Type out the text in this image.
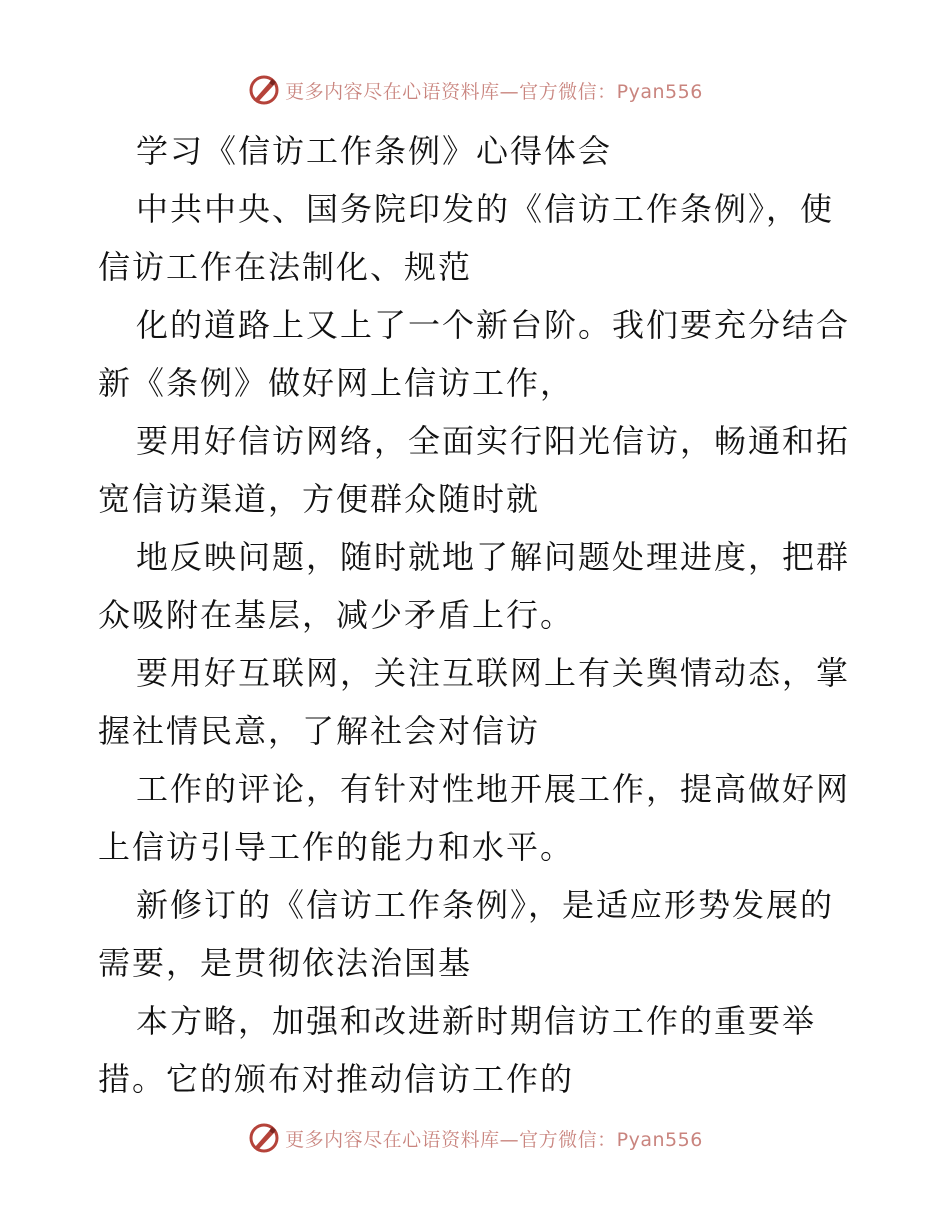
更多内容尽在心语资料库—官方微信：Pyan556

学习《信访工作条例》心得体会

中共中央、国务院印发的《信访工作条例》，使信访工作在法制化、规范

化的道路上又上了一个新台阶。我们要充分结合新《条例》做好网上信访工作，

要用好信访网络，全面实行阳光信访，畅通和拓宽信访渠道，方便群众随时就

地反映问题，随时就地了解问题处理进度，把群众吸附在基层，减少矛盾上行。

要用好互联网，关注互联网上有关舆情动态，掌握社情民意，了解社会对信访

工作的评论，有针对性地开展工作，提高做好网上信访引导工作的能力和水平。

新修订的《信访工作条例》，是适应形势发展的需要，是贯彻依法治国基

本方略，加强和改进新时期信访工作的重要举措。它的颁布对推动信访工作的

更多内容尽在心语资料库—官方微信：Pyan556
